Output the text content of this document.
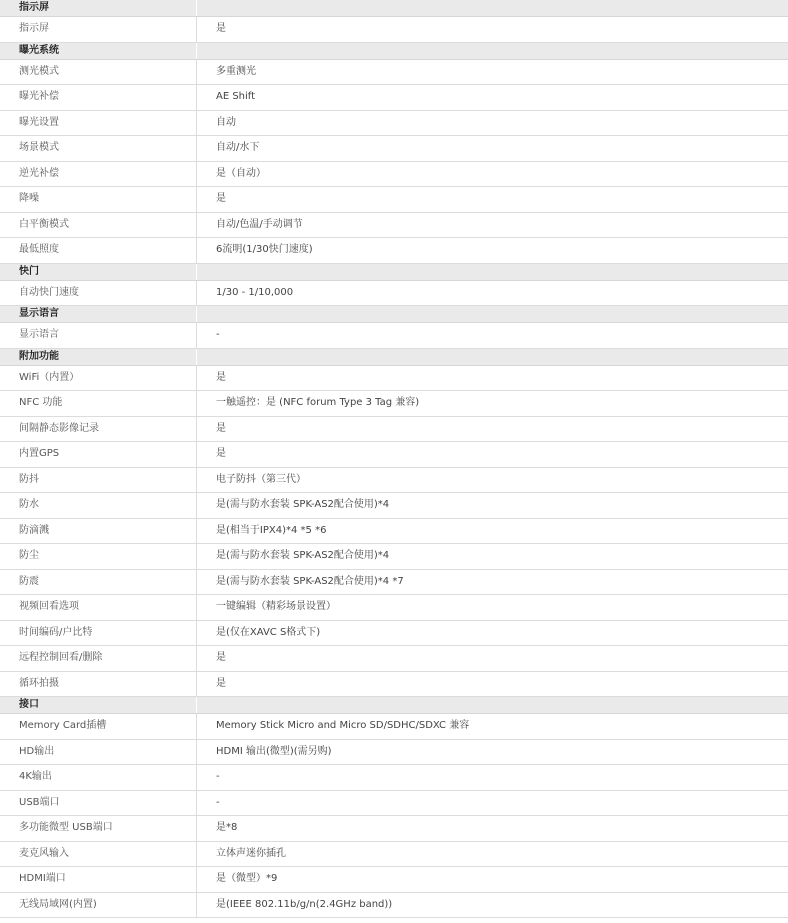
指示屏
指示屏	是
曝光系统
测光模式	多重测光
曝光补偿	AE Shift
曝光设置	自动
场景模式	自动/水下
逆光补偿	是（自动）
降噪	是
白平衡模式	自动/色温/手动调节
最低照度	6流明(1/30快门速度)
快门
自动快门速度	1/30 - 1/10,000
显示语言
显示语言	-
附加功能
WiFi（内置）	是
NFC 功能	一触遥控：是 (NFC forum Type 3 Tag 兼容)
间隔静态影像记录	是
内置GPS	是
防抖	电子防抖（第三代）
防水	是(需与防水套装 SPK-AS2配合使用)*4
防滴溅	是(相当于IPX4)*4 *5 *6
防尘	是(需与防水套装 SPK-AS2配合使用)*4
防震	是(需与防水套装 SPK-AS2配合使用)*4 *7
视频回看选项	一键编辑（精彩场景设置）
时间编码/户比特	是(仅在XAVC S格式下)
远程控制回看/删除	是
循环拍摄	是
接口
Memory Card插槽	Memory Stick Micro and Micro SD/SDHC/SDXC 兼容
HD输出	HDMI 输出(微型)(需另购)
4K输出	-
USB端口	-
多功能微型 USB端口	是*8
麦克风输入	立体声迷你插孔
HDMI端口	是（微型）*9
无线局域网(内置)	是(IEEE 802.11b/g/n(2.4GHz band))
